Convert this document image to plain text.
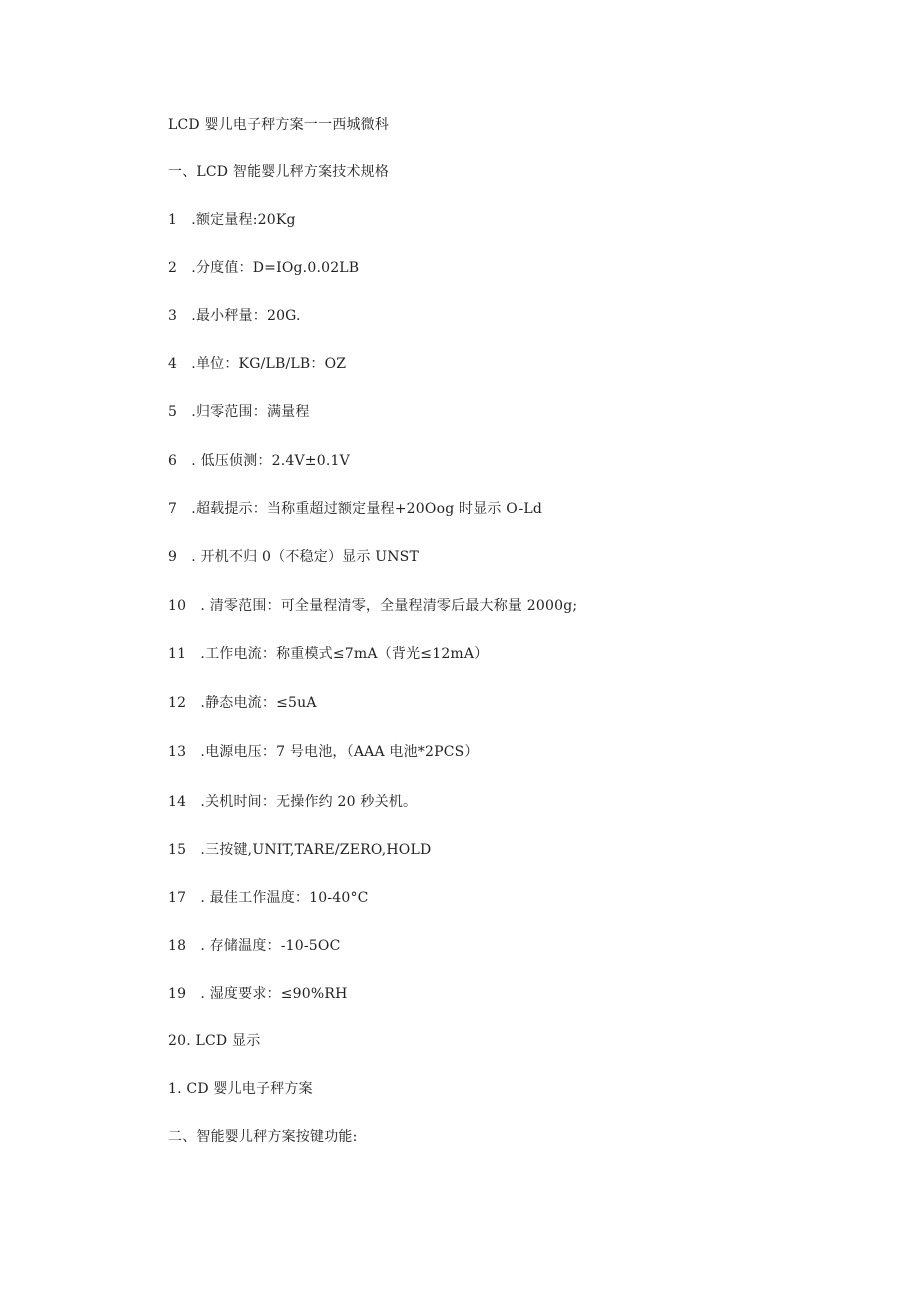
LCD 婴儿电子秤方案一一西城微科
一、LCD 智能婴儿秤方案技术规格
1　.额定量程:20Kg
2　.分度值：D=IOg.0.02LB
3　.最小秤量：20G.
4　.单位：KG/LB/LB：OZ
5　.归零范围：满量程
6　. 低压侦测：2.4V±0.1V
7　.超载提示：当称重超过额定量程+20Oog 时显示 O-Ld
9　. 开机不归 0（不稳定）显示 UNST
10　. 清零范围：可全量程清零，全量程清零后最大称量 2000g;
11　.工作电流：称重模式≤7mA（背光≤12mA）
12　.静态电流：≤5uA
13　.电源电压：7 号电池，（AAA 电池*2PCS）
14　.关机时间：无操作约 20 秒关机。
15　.三按键,UNIT,TARE/ZERO,HOLD
17　. 最佳工作温度：10-40°C
18　. 存储温度：-10-5OC
19　. 湿度要求：≤90%RH
20. LCD 显示
1. CD 婴儿电子秤方案
二、智能婴儿秤方案按键功能:
